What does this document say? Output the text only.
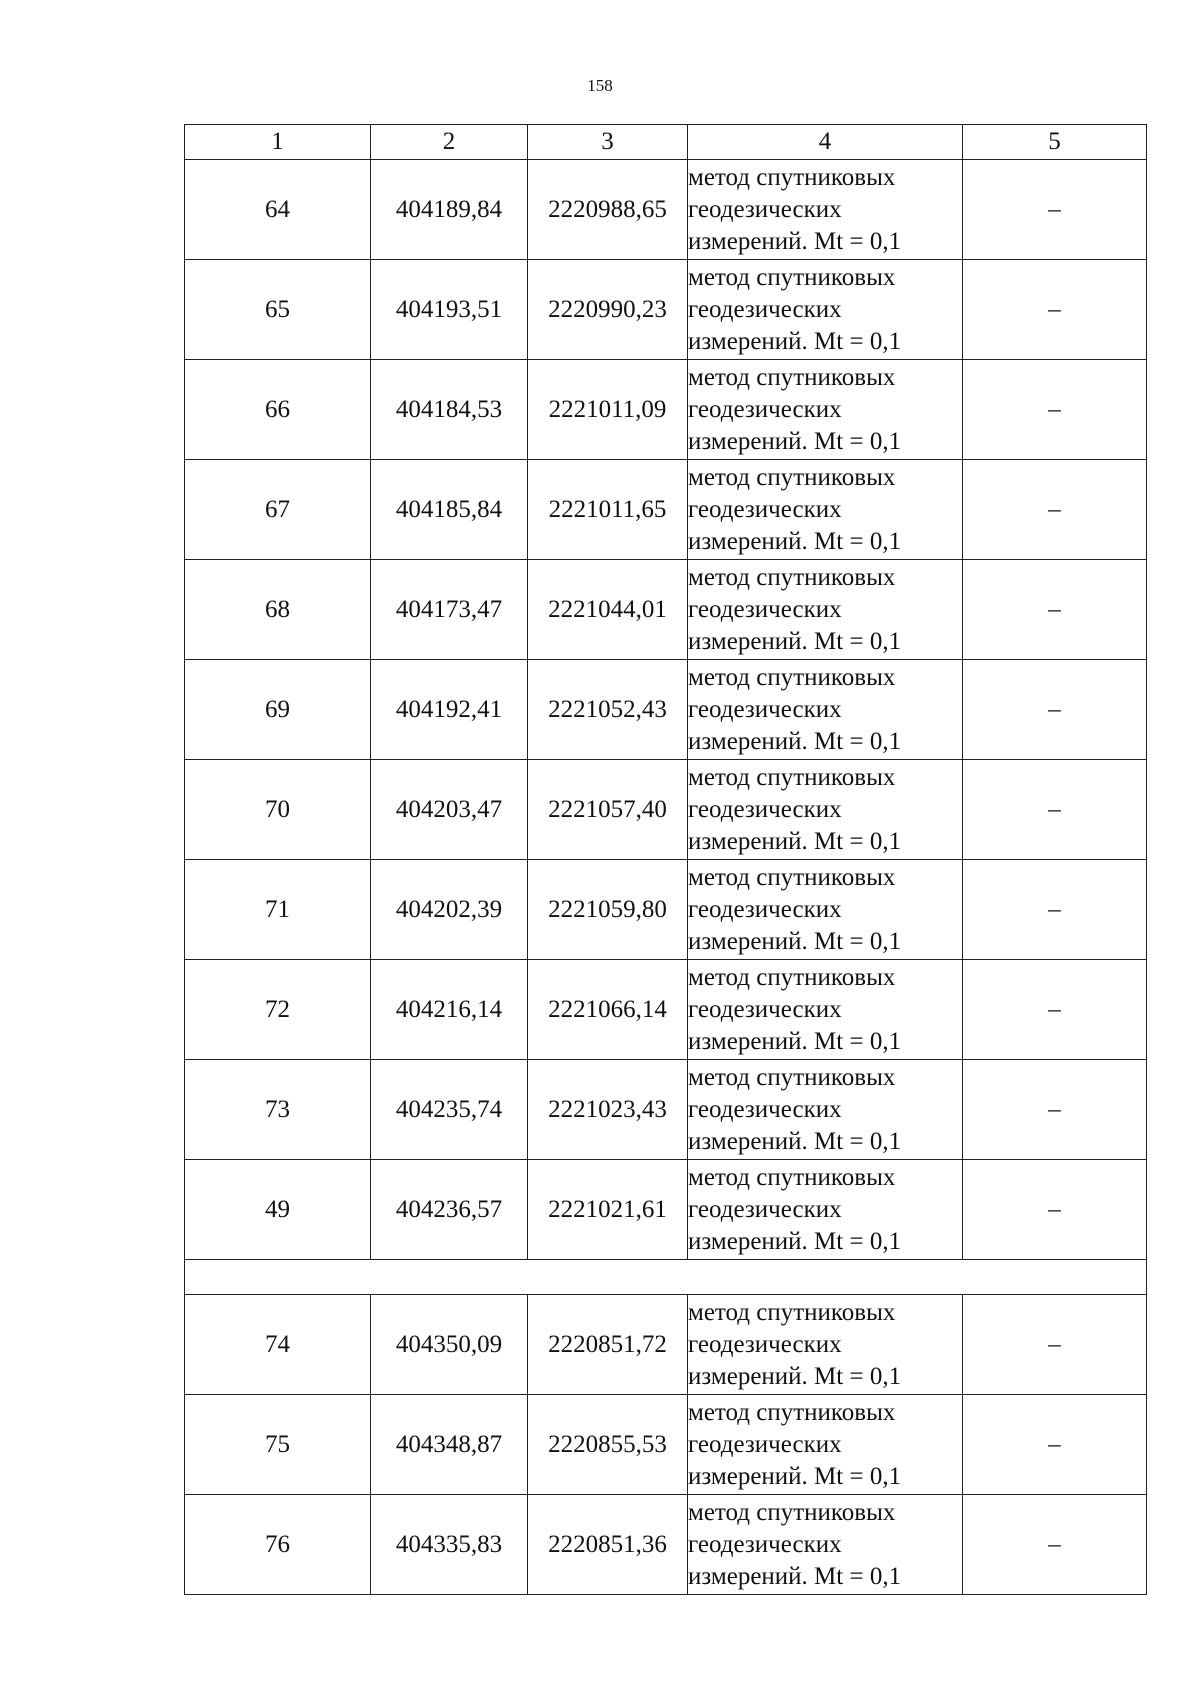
158
1	2	3	4	5
64	404189,84	2220988,65	метод спутниковых
геодезических
измерений. Mt = 0,1	–
65	404193,51	2220990,23	метод спутниковых
геодезических
измерений. Mt = 0,1	–
66	404184,53	2221011,09	метод спутниковых
геодезических
измерений. Mt = 0,1	–
67	404185,84	2221011,65	метод спутниковых
геодезических
измерений. Mt = 0,1	–
68	404173,47	2221044,01	метод спутниковых
геодезических
измерений. Mt = 0,1	–
69	404192,41	2221052,43	метод спутниковых
геодезических
измерений. Mt = 0,1	–
70	404203,47	2221057,40	метод спутниковых
геодезических
измерений. Mt = 0,1	–
71	404202,39	2221059,80	метод спутниковых
геодезических
измерений. Mt = 0,1	–
72	404216,14	2221066,14	метод спутниковых
геодезических
измерений. Mt = 0,1	–
73	404235,74	2221023,43	метод спутниковых
геодезических
измерений. Mt = 0,1	–
49	404236,57	2221021,61	метод спутниковых
геодезических
измерений. Mt = 0,1	–

74	404350,09	2220851,72	метод спутниковых
геодезических
измерений. Mt = 0,1	–
75	404348,87	2220855,53	метод спутниковых
геодезических
измерений. Mt = 0,1	–
76	404335,83	2220851,36	метод спутниковых
геодезических
измерений. Mt = 0,1	–
